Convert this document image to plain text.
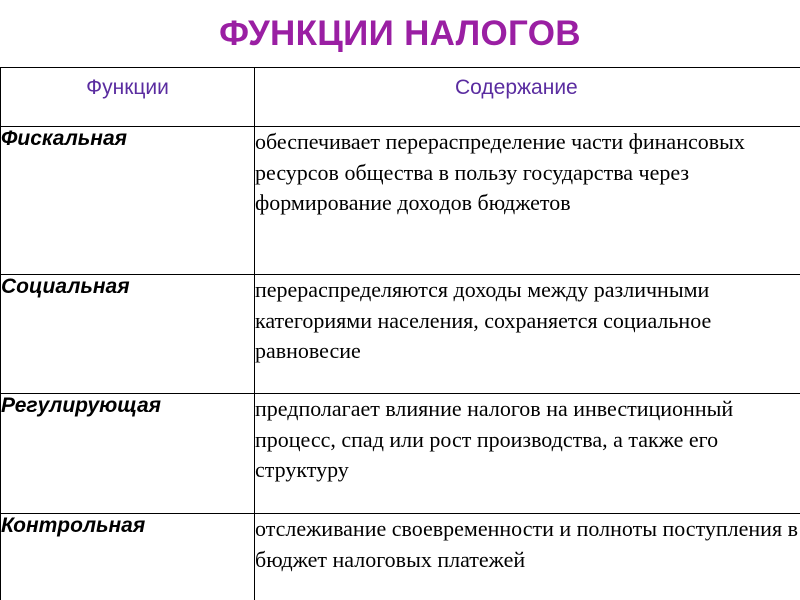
ФУНКЦИИ НАЛОГОВ
Функции	Содержание
Фискальная	обеспечивает перераспределение части финансовых ресурсов общества в пользу государства через формирование доходов бюджетов
Социальная	перераспределяются доходы между различными категориями населения, сохраняется социальное равновесие
Регулирующая	предполагает влияние налогов на инвестиционный процесс, спад или рост производства, а также его структуру
Контрольная	отслеживание своевременности и полноты поступления в бюджет налоговых платежей
